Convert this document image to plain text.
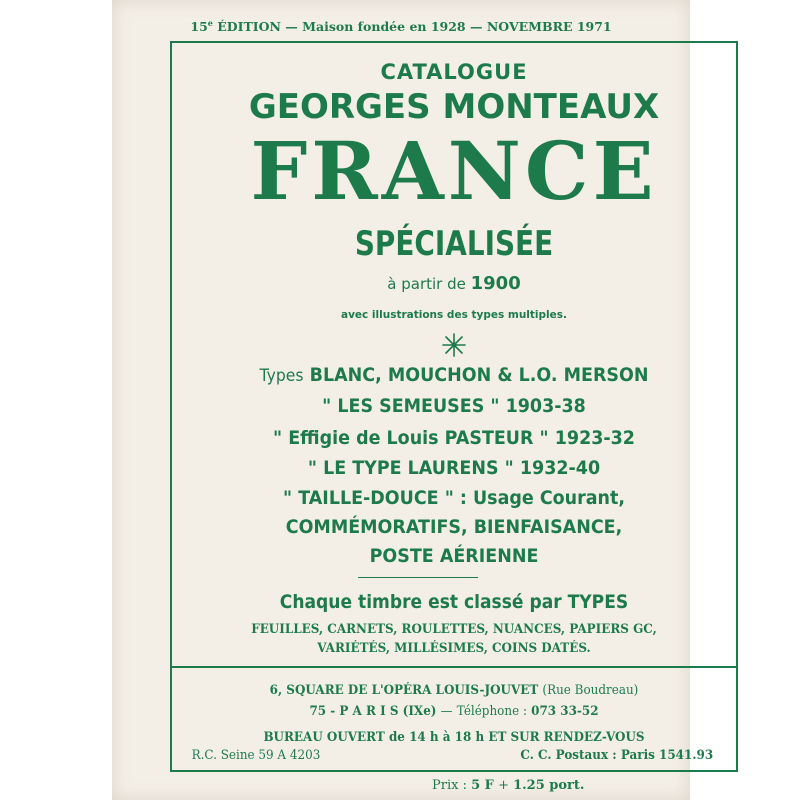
15e ÉDITION — Maison fondée en 1928 — NOVEMBRE 1971
CATALOGUE
GEORGES MONTEAUX
FRANCE
SPÉCIALISÉE
à partir de 1900
avec illustrations des types multiples.
Types BLANC, MOUCHON & L.O. MERSON
" LES SEMEUSES " 1903-38
" Effigie de Louis PASTEUR " 1923-32
" LE TYPE LAURENS " 1932-40
" TAILLE-DOUCE " : Usage Courant,
COMMÉMORATIFS, BIENFAISANCE,
POSTE AÉRIENNE
Chaque timbre est classé par TYPES
FEUILLES, CARNETS, ROULETTES, NUANCES, PAPIERS GC,
VARIÉTÉS, MILLÉSIMES, COINS DATÉS.
6, SQUARE DE L'OPÉRA LOUIS-JOUVET (Rue Boudreau)
75 - P A R I S (IXe) — Téléphone : 073 33-52
BUREAU OUVERT de 14 h à 18 h ET SUR RENDEZ-VOUS
R.C. Seine 59 A 4203	C. C. Postaux : Paris 1541.93
Prix : 5 F + 1.25 port.
